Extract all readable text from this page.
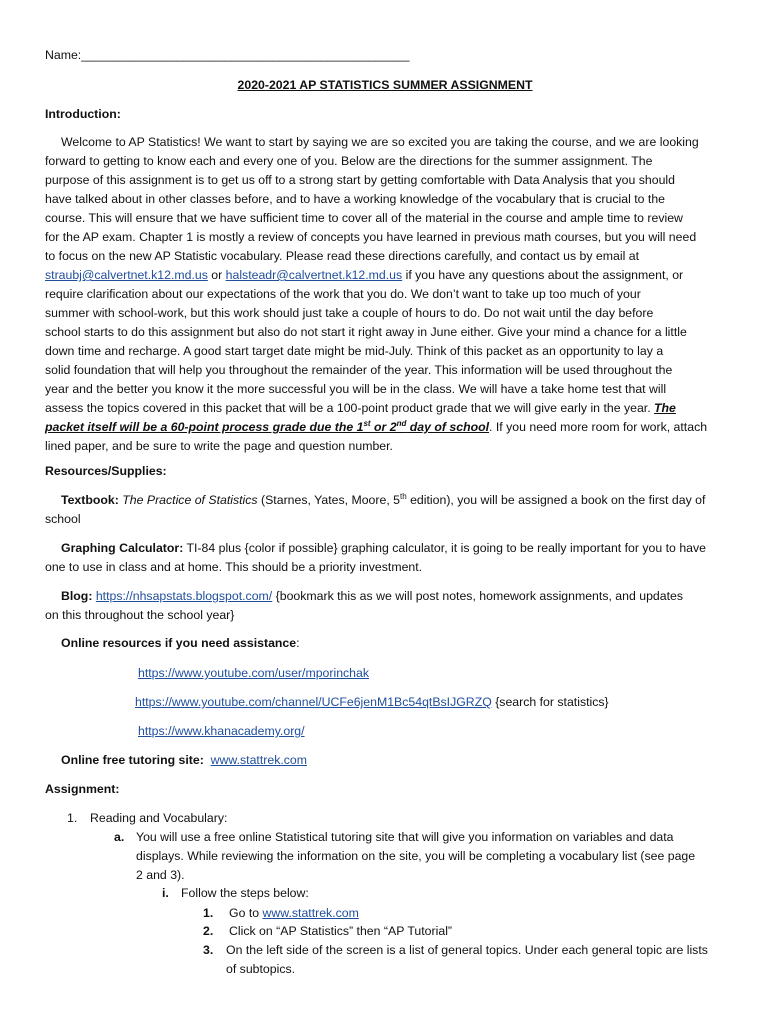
Name:________________________________________________
2020-2021 AP STATISTICS SUMMER ASSIGNMENT
Introduction:

Welcome to AP Statistics! We want to start by saying we are so excited you are taking the course, and we are looking

forward to getting to know each and every one of you. Below are the directions for the summer assignment. The

purpose of this assignment is to get us off to a strong start by getting comfortable with Data Analysis that you should

have talked about in other classes before, and to have a working knowledge of the vocabulary that is crucial to the

course. This will ensure that we have sufficient time to cover all of the material in the course and ample time to review

for the AP exam. Chapter 1 is mostly a review of concepts you have learned in previous math courses, but you will need

to focus on the new AP Statistic vocabulary. Please read these directions carefully, and contact us by email at

straubj@calvertnet.k12.md.us or halsteadr@calvertnet.k12.md.us if you have any questions about the assignment, or

require clarification about our expectations of the work that you do. We don’t want to take up too much of your

summer with school-work, but this work should just take a couple of hours to do. Do not wait until the day before

school starts to do this assignment but also do not start it right away in June either. Give your mind a chance for a little

down time and recharge. A good start target date might be mid-July. Think of this packet as an opportunity to lay a

solid foundation that will help you throughout the remainder of the year. This information will be used throughout the

year and the better you know it the more successful you will be in the class. We will have a take home test that will

assess the topics covered in this packet that will be a 100-point product grade that we will give early in the year. The

packet itself will be a 60-point process grade due the 1st or 2nd day of school. If you need more room for work, attach

lined paper, and be sure to write the page and question number.

Resources/Supplies:

Textbook: The Practice of Statistics (Starnes, Yates, Moore, 5th edition), you will be assigned a book on the first day of

school

Graphing Calculator: TI-84 plus {color if possible} graphing calculator, it is going to be really important for you to have

one to use in class and at home. This should be a priority investment.

Blog: https://nhsapstats.blogspot.com/ {bookmark this as we will post notes, homework assignments, and updates

on this throughout the school year}

Online resources if you need assistance:
https://www.youtube.com/user/mporinchak
https://www.youtube.com/channel/UCFe6jenM1Bc54qtBsIJGRZQ {search for statistics}
https://www.khanacademy.org/
Online free tutoring site: www.stattrek.com
Assignment:
1. Reading and Vocabulary:
a. You will use a free online Statistical tutoring site that will give you information on variables and data

displays. While reviewing the information on the site, you will be completing a vocabulary list (see page

2 and 3).

i. Follow the steps below:
1. Go to www.stattrek.com
2. Click on “AP Statistics” then “AP Tutorial”
3. On the left side of the screen is a list of general topics. Under each general topic are lists

of subtopics.
